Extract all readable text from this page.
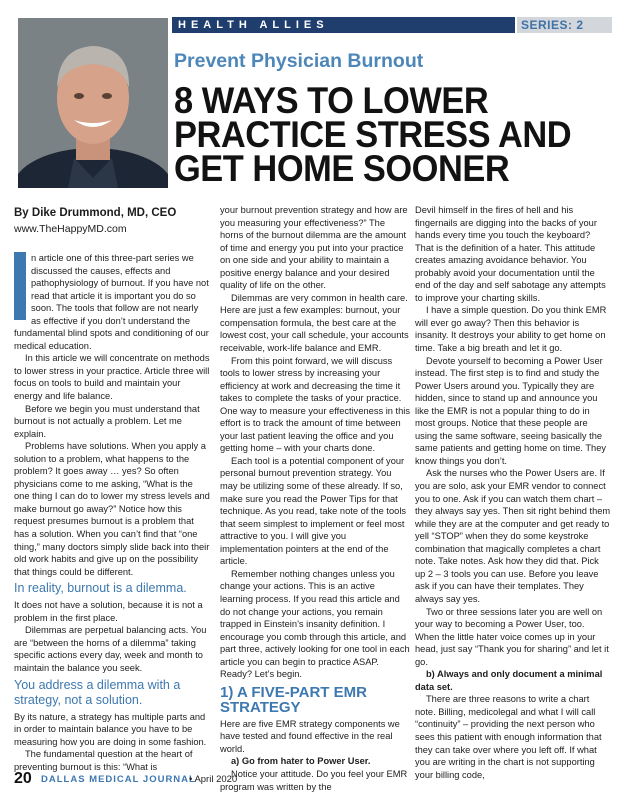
HEALTH ALLIES	SERIES: 2
Prevent Physician Burnout
8 WAYS TO LOWER
PRACTICE STRESS AND
GET HOME SOONER
By Dike Drummond, MD, CEO
www.TheHappyMD.com

n article one of this three-part series we discussed the causes, effects and pathophysiology of burnout. If you have not read that article it is important you do so soon. The tools that follow are not nearly as effective if you don’t understand the fundamental blind spots and conditioning of our medical education.

In this article we will concentrate on methods to lower stress in your practice. Article three will focus on tools to build and maintain your energy and life balance.

Before we begin you must understand that burnout is not actually a problem. Let me explain.

Problems have solutions. When you apply a solution to a problem, what happens to the problem? It goes away … yes? So often physicians come to me asking, “What is the one thing I can do to lower my stress levels and make burnout go away?” Notice how this request presumes burnout is a problem that has a solution. When you can’t find that “one thing,” many doctors simply slide back into their old work habits and give up on the possibility that things could be different.

In reality, burnout is a dilemma.

It does not have a solution, because it is not a problem in the first place.

Dilemmas are perpetual balancing acts. You are “between the horns of a dilemma” taking specific actions every day, week and month to maintain the balance you seek.

You address a dilemma with a strategy, not a solution.

By its nature, a strategy has multiple parts and in order to maintain balance you have to be measuring how you are doing in some fashion.

The fundamental question at the heart of preventing burnout is this: “What is

your burnout prevention strategy and how are you measuring your effectiveness?” The horns of the burnout dilemma are the amount of time and energy you put into your practice on one side and your ability to maintain a positive energy balance and your desired quality of life on the other.

Dilemmas are very common in health care. Here are just a few examples: burnout, your compensation formula, the best care at the lowest cost, your call schedule, your accounts receivable, work-life balance and EMR.

From this point forward, we will discuss tools to lower stress by increasing your efficiency at work and decreasing the time it takes to complete the tasks of your practice. One way to measure your effectiveness in this effort is to track the amount of time between your last patient leaving the office and you getting home – with your charts done.

Each tool is a potential component of your personal burnout prevention strategy. You may be utilizing some of these already. If so, make sure you read the Power Tips for that technique. As you read, take note of the tools that seem simplest to implement or feel most attractive to you. I will give you implementation pointers at the end of the article.

Remember nothing changes unless you change your actions. This is an active learning process. If you read this article and do not change your actions, you remain trapped in Einstein’s insanity definition. I encourage you comb through this article, and part three, actively looking for one tool in each article you can begin to practice ASAP. Ready? Let’s begin.

1) A FIVE-PART EMR STRATEGY

Here are five EMR strategy components we have tested and found effective in the real world.

a) Go from hater to Power User.

Notice your attitude. Do you feel your EMR program was written by the

Devil himself in the fires of hell and his fingernails are digging into the backs of your hands every time you touch the keyboard? That is the definition of a hater. This attitude creates amazing avoidance behavior. You probably avoid your documentation until the end of the day and self sabotage any attempts to improve your charting skills.

I have a simple question. Do you think EMR will ever go away? Then this behavior is insanity. It destroys your ability to get home on time. Take a big breath and let it go.

Devote yourself to becoming a Power User instead. The first step is to find and study the Power Users around you. Typically they are hidden, since to stand up and announce you like the EMR is not a popular thing to do in most groups. Notice that these people are using the same software, seeing basically the same patients and getting home on time. They know things you don’t.

Ask the nurses who the Power Users are. If you are solo, ask your EMR vendor to connect you to one. Ask if you can watch them chart – they always say yes. Then sit right behind them while they are at the computer and get ready to yell “STOP” when they do some keystroke combination that magically completes a chart note. Take notes. Ask how they did that. Pick up 2 – 3 tools you can use. Before you leave ask if you can have their templates. They always say yes.

Two or three sessions later you are well on your way to becoming a Power User, too. When the little hater voice comes up in your head, just say “Thank you for sharing” and let it go.

b) Always and only document a minimal data set.

There are three reasons to write a chart note. Billing, medicolegal and what I will call “continuity” – providing the next person who sees this patient with enough information that they can take over where you left off. If what you are writing in the chart is not supporting your billing code,

20 DALLAS MEDICAL JOURNAL
• April 2020
